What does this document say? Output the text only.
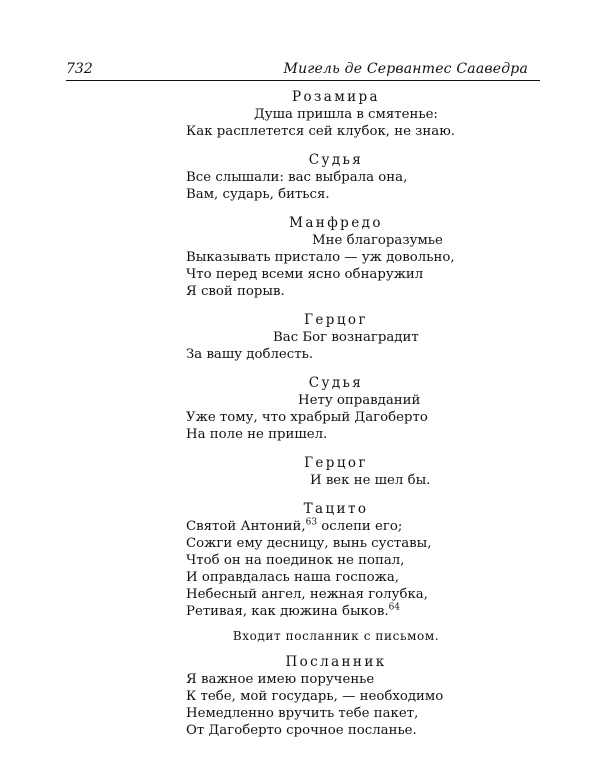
732	Мигель де Сервантес Сааведра
Розамира
Душа пришла в смятенье:
Как расплетется сей клубок, не знаю.
Судья
Все слышали: вас выбрала она,
Вам, сударь, биться.
Манфредо
Мне благоразумье
Выказывать пристало — уж довольно,
Что перед всеми ясно обнаружил
Я свой порыв.
Герцог
Вас Бог вознаградит
За вашу доблесть.
Судья
Нету оправданий
Уже тому, что храбрый Дагоберто
На поле не пришел.
Герцог
И век не шел бы.
Тацито
Святой Антоний,$^{63}$ ослепи его;
Сожги ему десницу, вынь суставы,
Чтоб он на поединок не попал,
И оправдалась наша госпожа,
Небесный ангел, нежная голубка,
Ретивая, как дюжина быков.$^{64}$
Входит посланник с письмом.
Посланник
Я важное имею порученье
К тебе, мой государь, — необходимо
Немедленно вручить тебе пакет,
От Дагоберто срочное посланье.
